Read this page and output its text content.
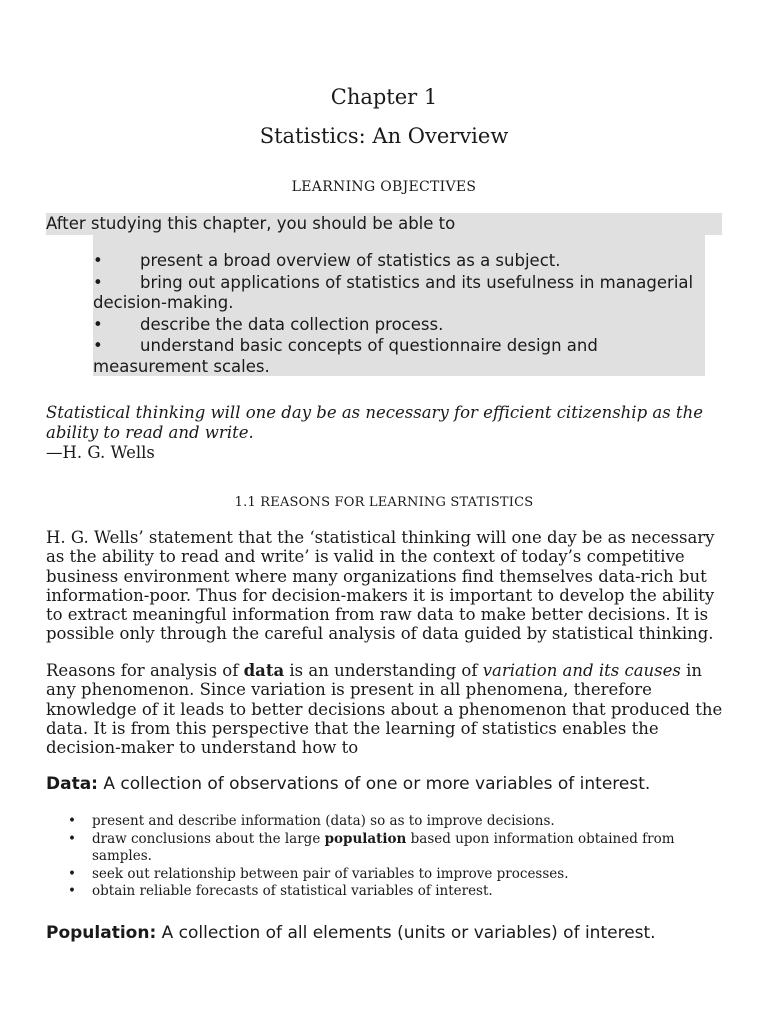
Chapter 1
Statistics: An Overview
LEARNING OBJECTIVES
After studying this chapter, you should be able to
• present a broad overview of statistics as a subject.
• bring out applications of statistics and its usefulness in managerial decision-making.
• describe the data collection process.
• understand basic concepts of questionnaire design and measurement scales.
Statistical thinking will one day be as necessary for efficient citizenship as the ability to read and write.
—H. G. Wells
1.1 REASONS FOR LEARNING STATISTICS
H. G. Wells’ statement that the ‘statistical thinking will one day be as necessary as the ability to read and write’ is valid in the context of today’s competitive business environment where many organizations find themselves data-rich but information-poor. Thus for decision-makers it is important to develop the ability to extract meaningful information from raw data to make better decisions. It is possible only through the careful analysis of data guided by statistical thinking.
Reasons for analysis of data is an understanding of variation and its causes in any phenomenon. Since variation is present in all phenomena, therefore knowledge of it leads to better decisions about a phenomenon that produced the data. It is from this perspective that the learning of statistics enables the decision-maker to understand how to
Data: A collection of observations of one or more variables of interest.
• present and describe information (data) so as to improve decisions.
• draw conclusions about the large population based upon information obtained from samples.
• seek out relationship between pair of variables to improve processes.
• obtain reliable forecasts of statistical variables of interest.
Population: A collection of all elements (units or variables) of interest.
